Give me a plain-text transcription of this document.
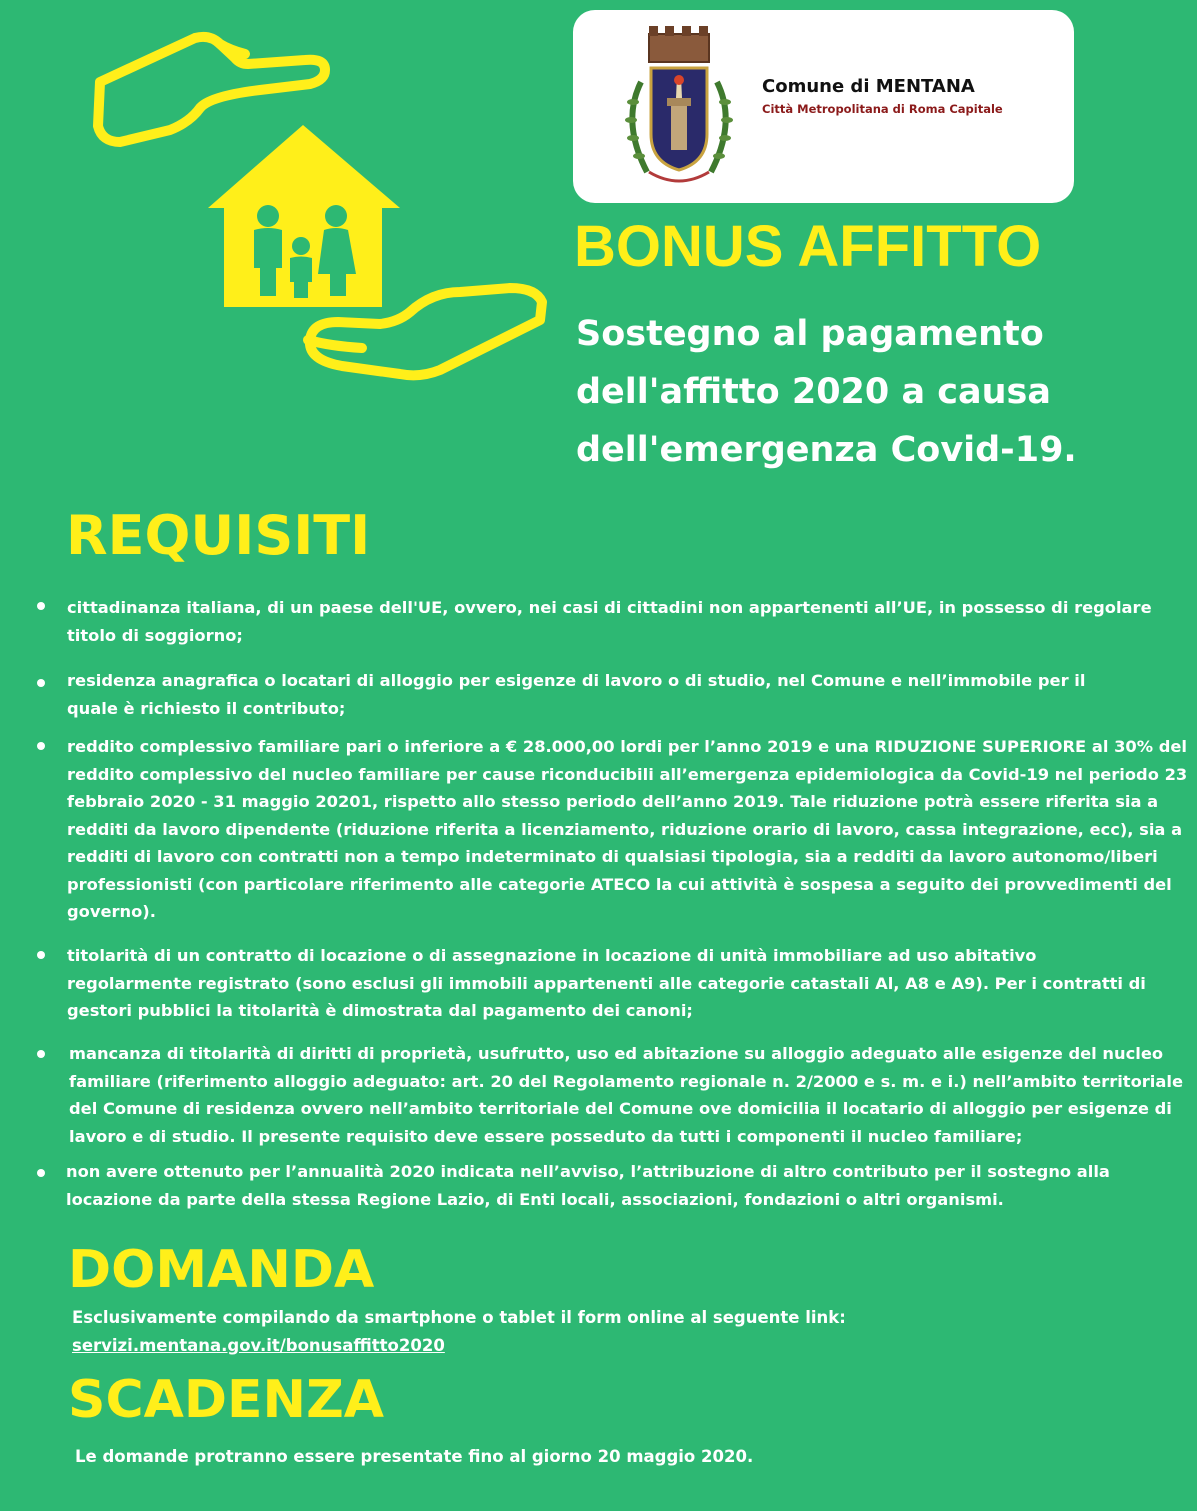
Comune di MENTANA
Città Metropolitana di Roma Capitale
BONUS AFFITTO
Sostegno al pagamento
dell'affitto 2020 a causa
dell'emergenza Covid-19.
REQUISITI
cittadinanza italiana, di un paese dell'UE, ovvero, nei casi di cittadini non appartenenti all’UE, in possesso di regolare titolo di soggiorno;
residenza anagrafica o locatari di alloggio per esigenze di lavoro o di studio, nel Comune e nell’immobile per il quale è richiesto il contributo;
reddito complessivo familiare pari o inferiore a € 28.000,00 lordi per l’anno 2019 e una RIDUZIONE SUPERIORE al 30% del reddito complessivo del nucleo familiare per cause riconducibili all’emergenza epidemiologica da Covid-19 nel periodo 23 febbraio 2020 - 31 maggio 20201, rispetto allo stesso periodo dell’anno 2019. Tale riduzione potrà essere riferita sia a redditi da lavoro dipendente (riduzione riferita a licenziamento, riduzione orario di lavoro, cassa integrazione, ecc), sia a redditi di lavoro con contratti non a tempo indeterminato di qualsiasi tipologia, sia a redditi da lavoro autonomo/liberi professionisti (con particolare riferimento alle categorie ATECO la cui attività è sospesa a seguito dei provvedimenti del governo).
titolarità di un contratto di locazione o di assegnazione in locazione di unità immobiliare ad uso abitativo regolarmente registrato (sono esclusi gli immobili appartenenti alle categorie catastali Al, A8 e A9). Per i contratti di gestori pubblici la titolarità è dimostrata dal pagamento dei canoni;
mancanza di titolarità di diritti di proprietà, usufrutto, uso ed abitazione su alloggio adeguato alle esigenze del nucleo familiare (riferimento alloggio adeguato: art. 20 del Regolamento regionale n. 2/2000 e s. m. e i.) nell’ambito territoriale del Comune di residenza ovvero nell’ambito territoriale del Comune ove domicilia il locatario di alloggio per esigenze di lavoro e di studio. Il presente requisito deve essere posseduto da tutti i componenti il nucleo familiare;
non avere ottenuto per l’annualità 2020 indicata nell’avviso, l’attribuzione di altro contributo per il sostegno alla locazione da parte della stessa Regione Lazio, di Enti locali, associazioni, fondazioni o altri organismi.
DOMANDA
Esclusivamente compilando da smartphone o tablet il form online al seguente link:
servizi.mentana.gov.it/bonusaffitto2020
SCADENZA
Le domande protranno essere presentate fino al giorno 20 maggio 2020.
